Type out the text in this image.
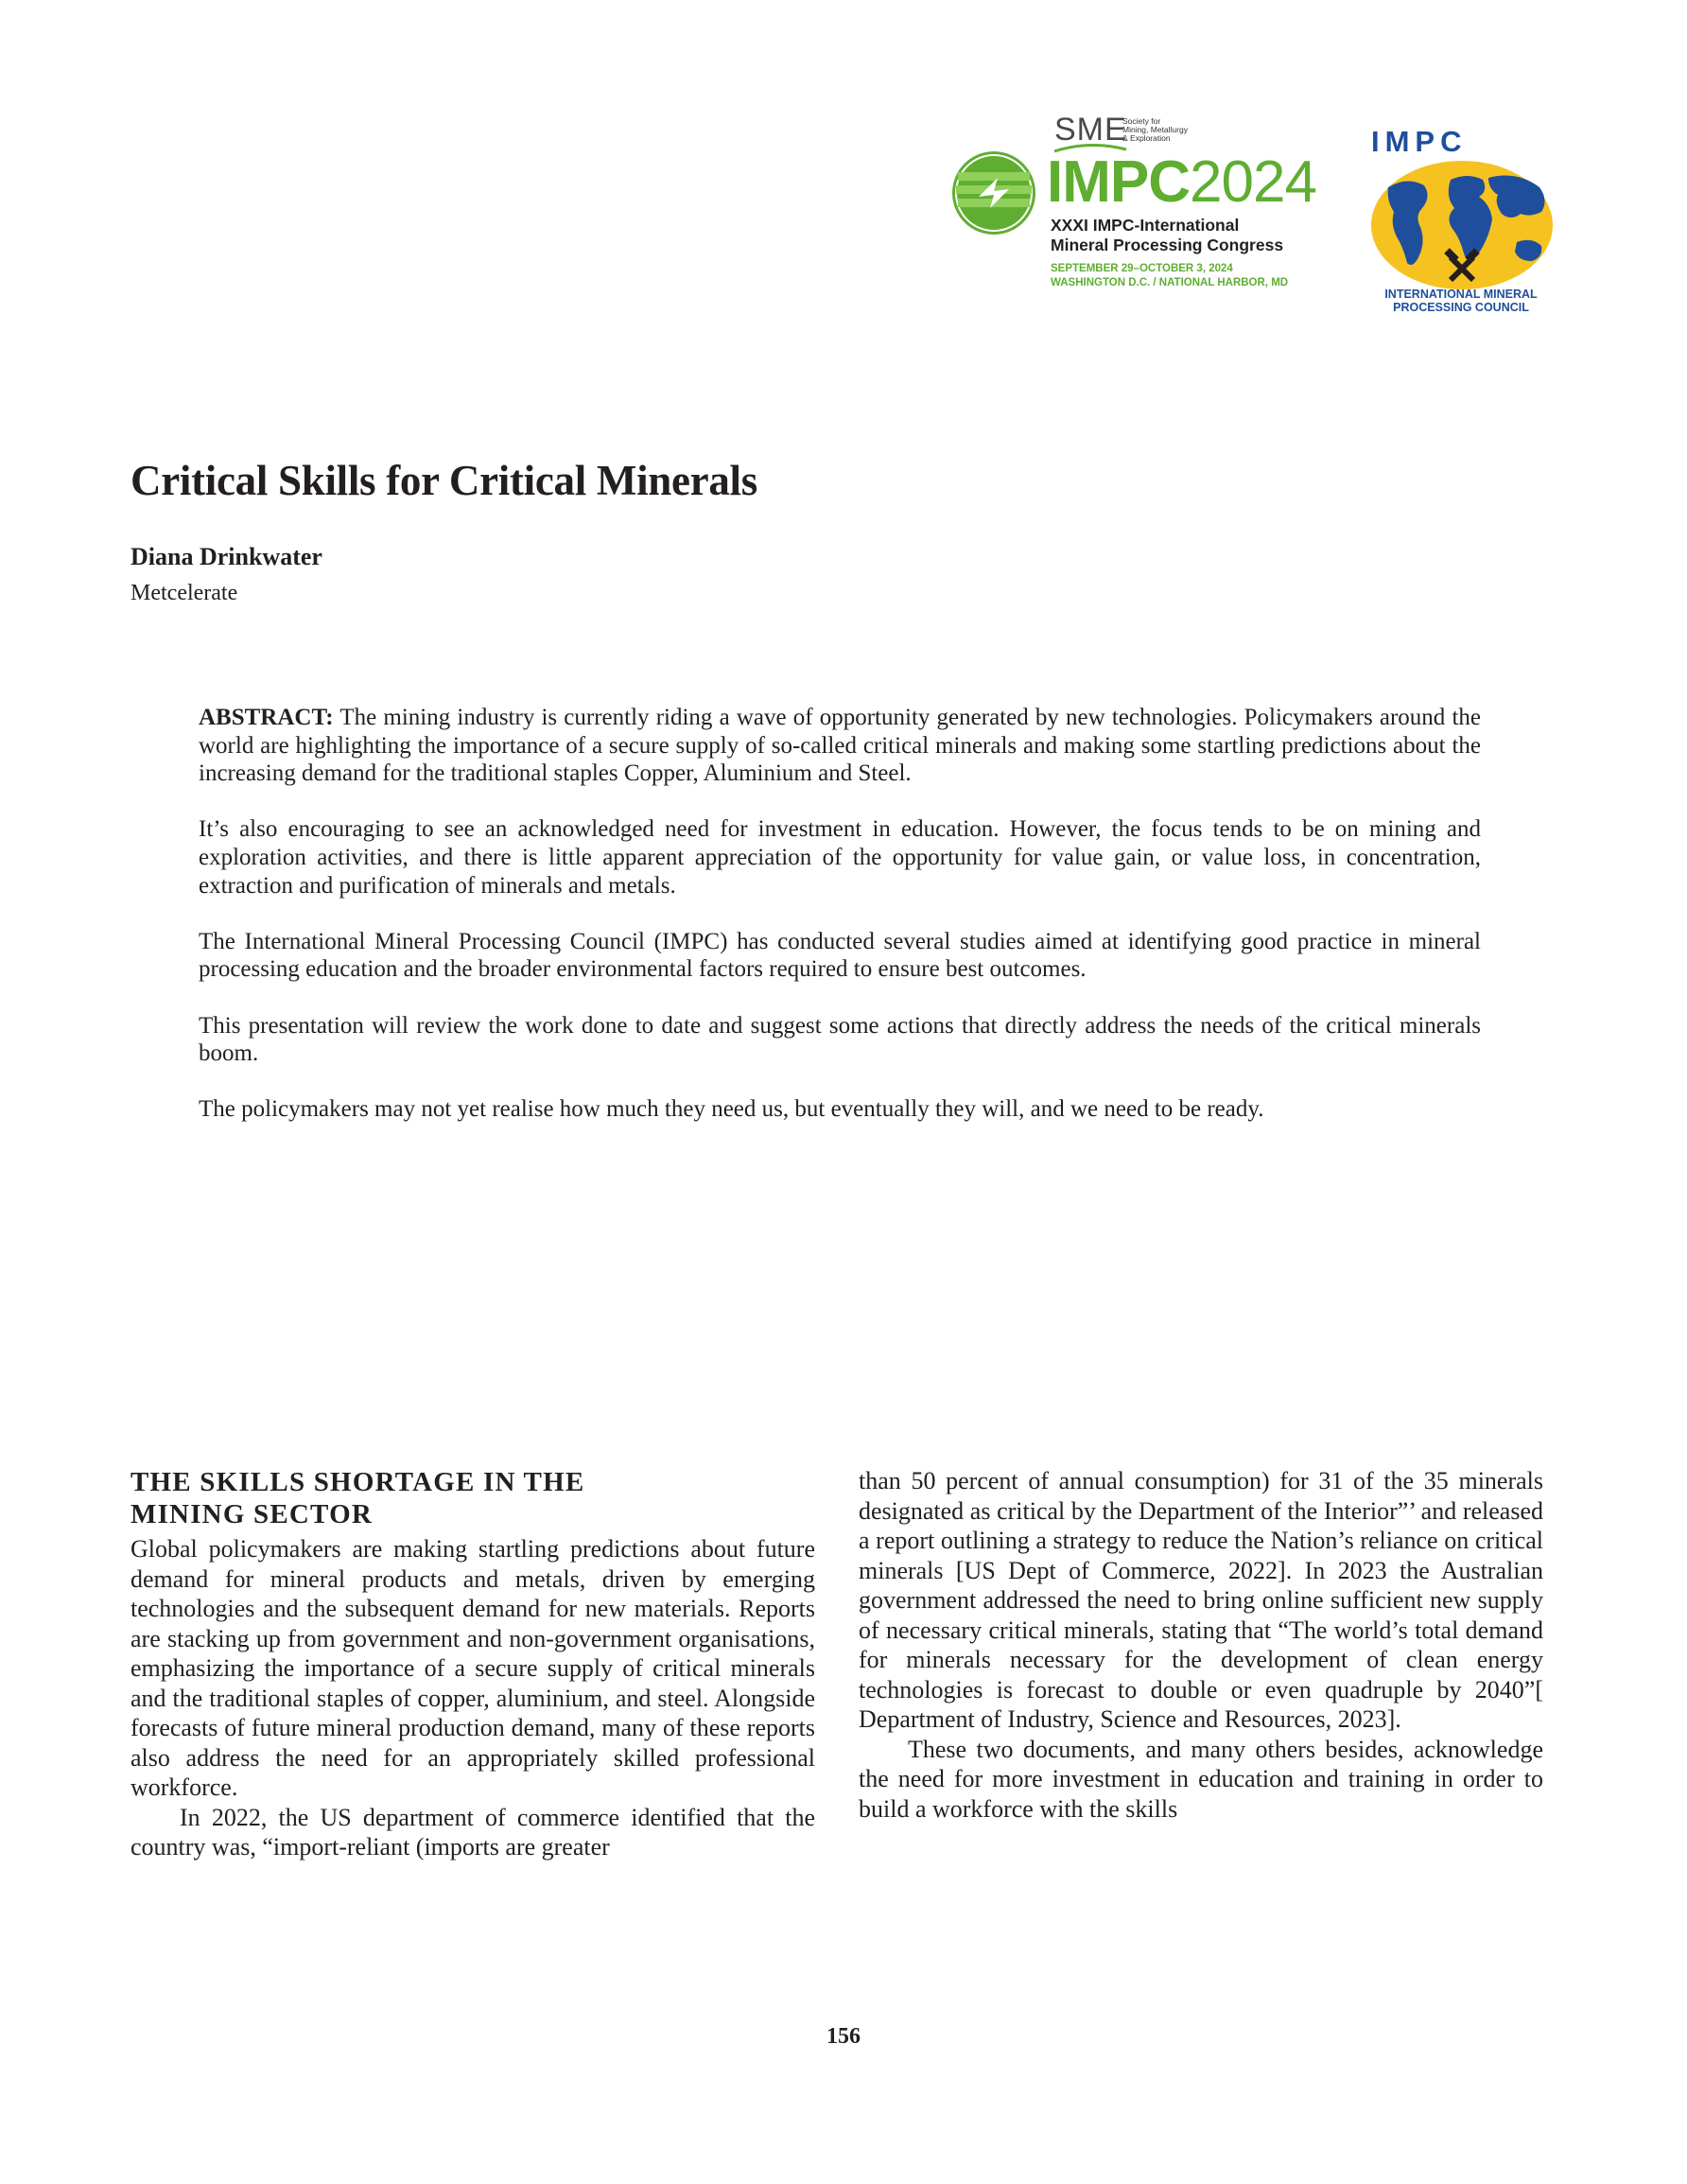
SME
Society for
Mining, Metallurgy
& Exploration
IMPC2024
XXXI IMPC-International
Mineral Processing Congress
SEPTEMBER 29–OCTOBER 3, 2024
WASHINGTON D.C. / NATIONAL HARBOR, MD
IMPC
INTERNATIONAL MINERAL
PROCESSING COUNCIL
Critical Skills for Critical Minerals
Diana Drinkwater
Metcelerate

ABSTRACT: The mining industry is currently riding a wave of opportunity generated by new technologies. Policymakers around the world are highlighting the importance of a secure supply of so-called critical minerals and making some startling predictions about the increasing demand for the traditional staples Copper, Aluminium and Steel.

It’s also encouraging to see an acknowledged need for investment in education. However, the focus tends to be on mining and exploration activities, and there is little apparent appreciation of the opportunity for value gain, or value loss, in concentration, extraction and purification of minerals and metals.

The International Mineral Processing Council (IMPC) has conducted several studies aimed at identifying good practice in mineral processing education and the broader environmental factors required to ensure best outcomes.

This presentation will review the work done to date and suggest some actions that directly address the needs of the critical minerals boom.

The policymakers may not yet realise how much they need us, but eventually they will, and we need to be ready.

THE SKILLS SHORTAGE IN THE
MINING SECTOR

Global policymakers are making startling predictions about future demand for mineral products and metals, driven by emerging technologies and the subsequent demand for new materials. Reports are stacking up from government and non-government organisations, emphasizing the importance of a secure supply of critical minerals and the traditional staples of copper, aluminium, and steel. Alongside forecasts of future mineral production demand, many of these reports also address the need for an appropriately skilled professional workforce.

In 2022, the US department of commerce identified that the country was, “import-reliant (imports are greater

than 50 percent of annual consumption) for 31 of the 35 minerals designated as critical by the Department of the Interior”’ and released a report outlining a strategy to reduce the Nation’s reliance on critical minerals [US Dept of Commerce, 2022]. In 2023 the Australian government addressed the need to bring online sufficient new supply of necessary critical minerals, stating that “The world’s total demand for minerals necessary for the development of clean energy technologies is forecast to double or even quadruple by 2040”[ Department of Industry, Science and Resources, 2023].

These two documents, and many others besides, acknowledge the need for more investment in education and training in order to build a workforce with the skills

156
